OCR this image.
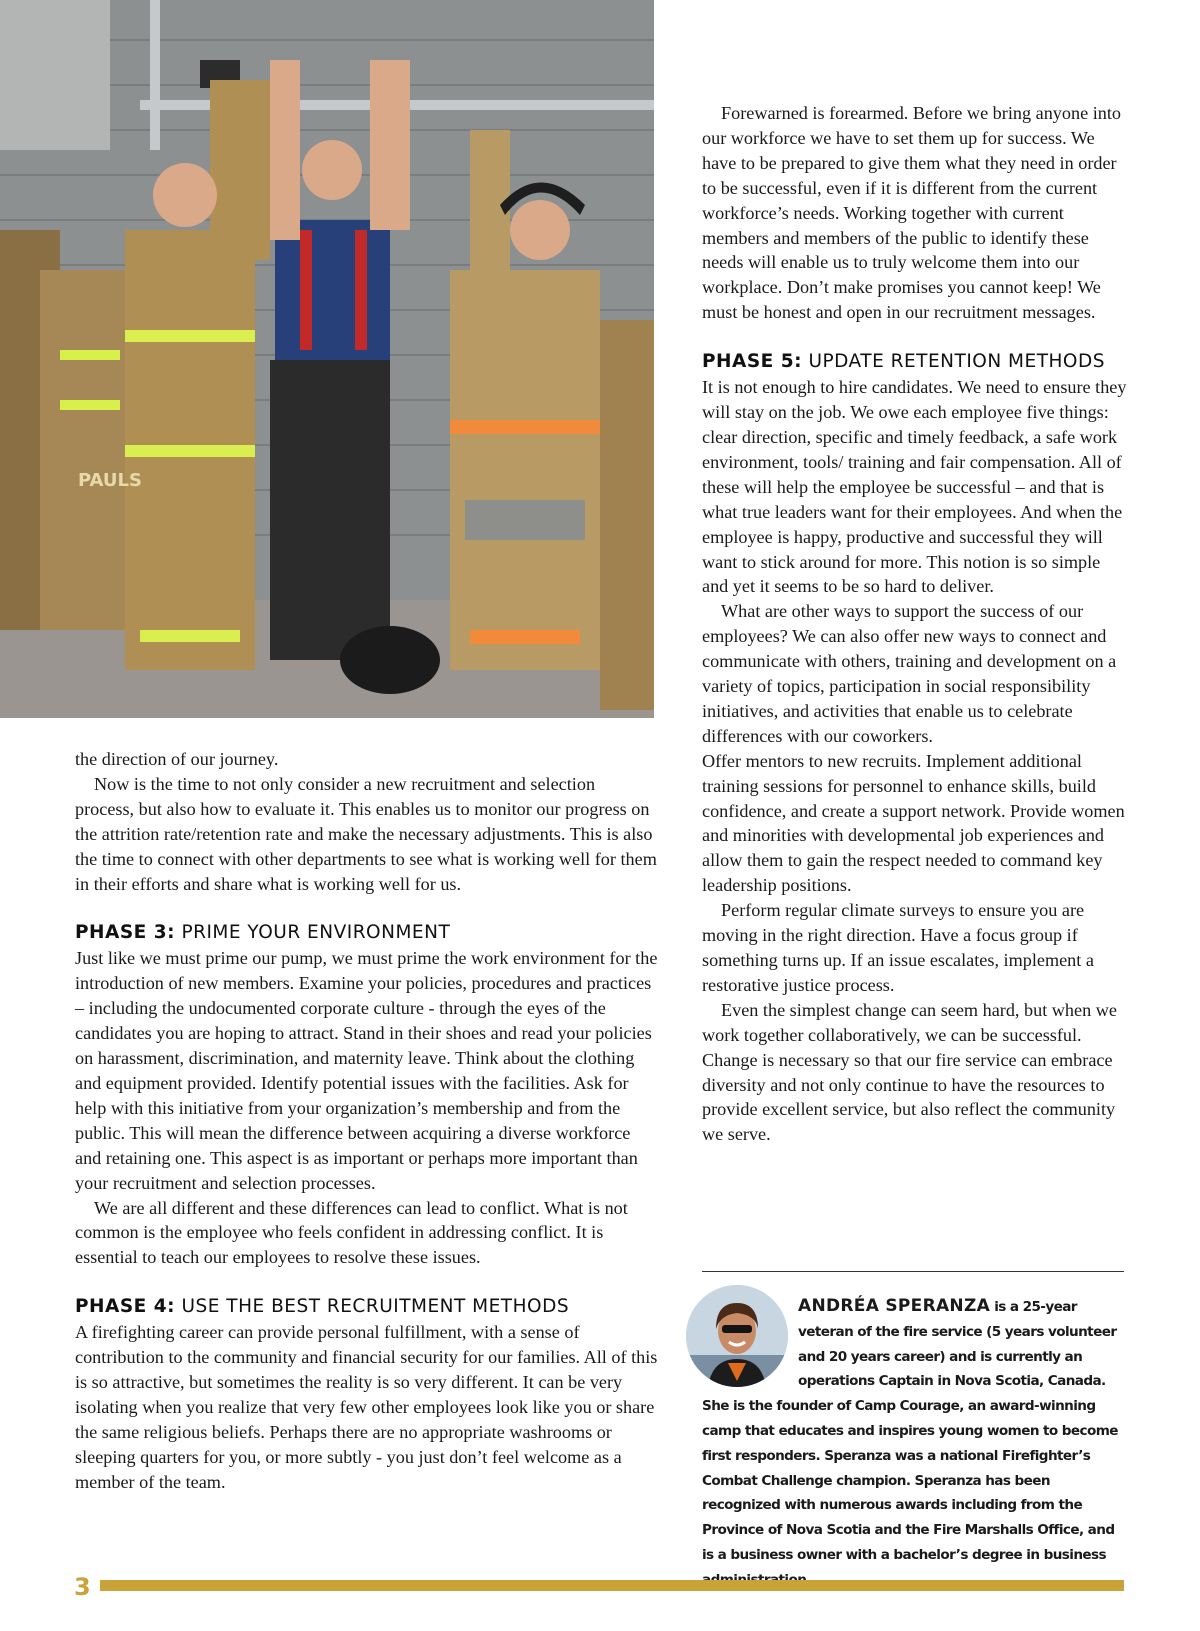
PAULS

the direction of our journey.

Now is the time to not only consider a new recruitment and selection process, but also how to evaluate it. This enables us to monitor our progress on the attrition rate/retention rate and make the necessary adjustments. This is also the time to connect with other departments to see what is working well for them in their efforts and share what is working well for us.

PHASE 3: PRIME YOUR ENVIRONMENT

Just like we must prime our pump, we must prime the work environment for the introduction of new members. Examine your policies, procedures and practices – including the undocumented corporate culture - through the eyes of the candidates you are hoping to attract. Stand in their shoes and read your policies on harassment, discrimination, and maternity leave. Think about the clothing and equipment provided. Identify potential issues with the facilities. Ask for help with this initiative from your organization’s membership and from the public. This will mean the difference between acquiring a diverse workforce and retaining one. This aspect is as important or perhaps more important than your recruitment and selection processes.

We are all different and these differences can lead to conflict. What is not common is the employee who feels confident in addressing conflict. It is essential to teach our employees to resolve these issues.

PHASE 4: USE THE BEST RECRUITMENT METHODS

A firefighting career can provide personal fulfillment, with a sense of contribution to the community and financial security for our families. All of this is so attractive, but sometimes the reality is so very different. It can be very isolating when you realize that very few other employees look like you or share the same religious beliefs. Perhaps there are no appropriate washrooms or sleeping quarters for you, or more subtly - you just don’t feel welcome as a member of the team.

Forewarned is forearmed. Before we bring anyone into our workforce we have to set them up for success. We have to be prepared to give them what they need in order to be successful, even if it is different from the current workforce’s needs. Working together with current members and members of the public to identify these needs will enable us to truly welcome them into our workplace. Don’t make promises you cannot keep! We must be honest and open in our recruitment messages.

PHASE 5: UPDATE RETENTION METHODS

It is not enough to hire candidates. We need to ensure they will stay on the job. We owe each employee five things: clear direction, specific and timely feedback, a safe work environment, tools/ training and fair compensation. All of these will help the employee be successful – and that is what true leaders want for their employees. And when the employee is happy, productive and successful they will want to stick around for more. This notion is so simple and yet it seems to be so hard to deliver.

What are other ways to support the success of our employees? We can also offer new ways to connect and communicate with others, training and development on a variety of topics, participation in social responsibility initiatives, and activities that enable us to celebrate differences with our coworkers.

Offer mentors to new recruits. Implement additional training sessions for personnel to enhance skills, build confidence, and create a support network. Provide women and minorities with developmental job experiences and allow them to gain the respect needed to command key leadership positions.

Perform regular climate surveys to ensure you are moving in the right direction. Have a focus group if something turns up. If an issue escalates, implement a restorative justice process.

Even the simplest change can seem hard, but when we work together collaboratively, we can be successful. Change is necessary so that our fire service can embrace diversity and not only continue to have the resources to provide excellent service, but also reflect the community we serve.

ANDRÉA SPERANZA is a 25-year veteran of the fire service (5 years volunteer and 20 years career) and is currently an operations Captain in Nova Scotia, Canada. She is the founder of Camp Courage, an award-winning camp that educates and inspires young women to become first responders. Speranza was a national Firefighter’s Combat Challenge champion. Speranza has been recognized with numerous awards including from the Province of Nova Scotia and the Fire Marshalls Office, and is a business owner with a bachelor’s degree in business
3
